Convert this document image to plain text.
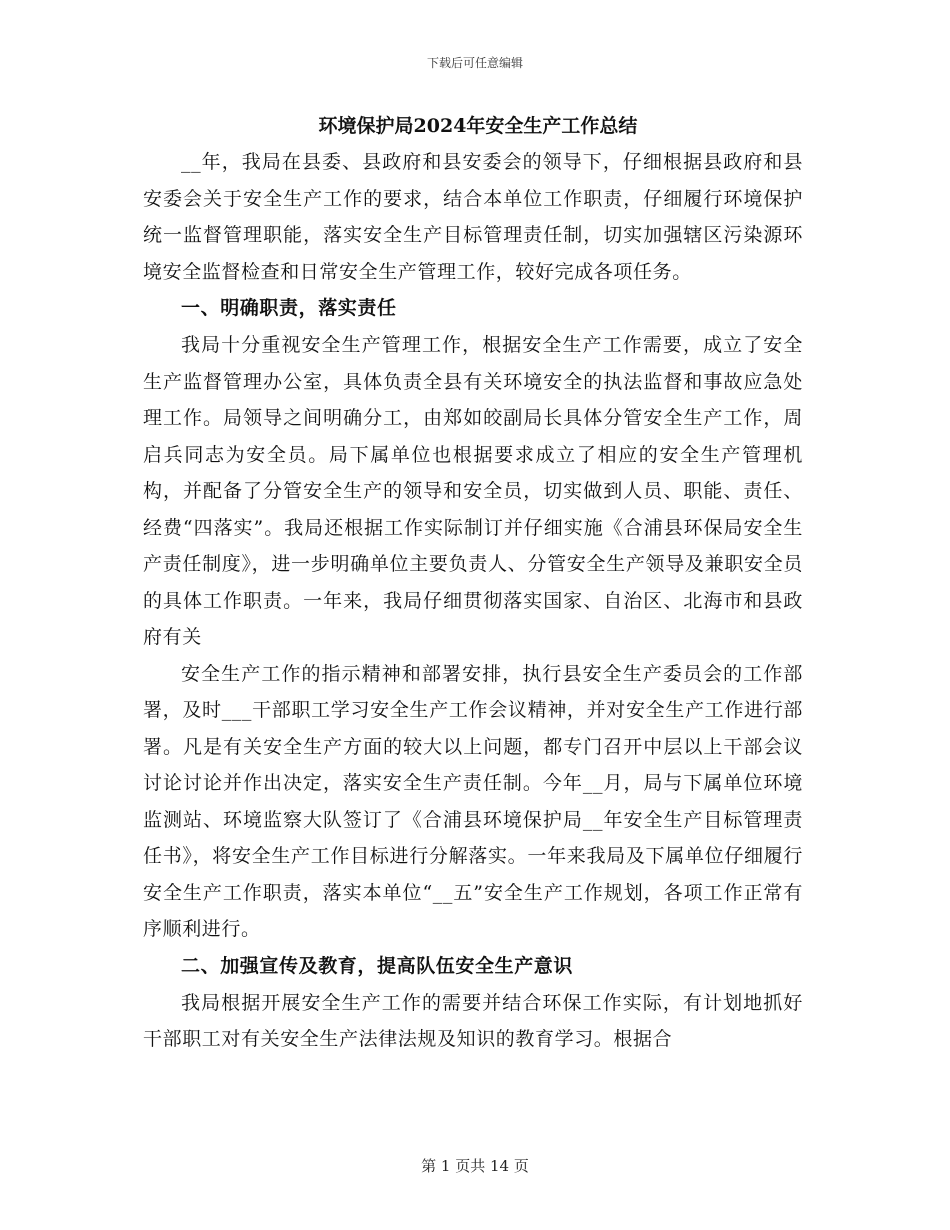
下载后可任意编辑
环境保护局2024年安全生产工作总结

__年，我局在县委、县政府和县安委会的领导下，仔细根据县政府和县安委会关于安全生产工作的要求，结合本单位工作职责，仔细履行环境保护统一监督管理职能，落实安全生产目标管理责任制，切实加强辖区污染源环境安全监督检查和日常安全生产管理工作，较好完成各项任务。

一、明确职责，落实责任

我局十分重视安全生产管理工作，根据安全生产工作需要，成立了安全生产监督管理办公室，具体负责全县有关环境安全的执法监督和事故应急处理工作。局领导之间明确分工，由郑如皎副局长具体分管安全生产工作，周启兵同志为安全员。局下属单位也根据要求成立了相应的安全生产管理机构，并配备了分管安全生产的领导和安全员，切实做到人员、职能、责任、经费“四落实”。我局还根据工作实际制订并仔细实施《合浦县环保局安全生产责任制度》，进一步明确单位主要负责人、分管安全生产领导及兼职安全员的具体工作职责。一年来，我局仔细贯彻落实国家、自治区、北海市和县政府有关

安全生产工作的指示精神和部署安排，执行县安全生产委员会的工作部署，及时___干部职工学习安全生产工作会议精神，并对安全生产工作进行部署。凡是有关安全生产方面的较大以上问题，都专门召开中层以上干部会议讨论讨论并作出决定，落实安全生产责任制。今年__月，局与下属单位环境监测站、环境监察大队签订了《合浦县环境保护局__年安全生产目标管理责任书》，将安全生产工作目标进行分解落实。一年来我局及下属单位仔细履行安全生产工作职责，落实本单位“__五”安全生产工作规划，各项工作正常有序顺利进行。

二、加强宣传及教育，提高队伍安全生产意识

我局根据开展安全生产工作的需要并结合环保工作实际，有计划地抓好干部职工对有关安全生产法律法规及知识的教育学习。根据合

第 1 页共 14 页
